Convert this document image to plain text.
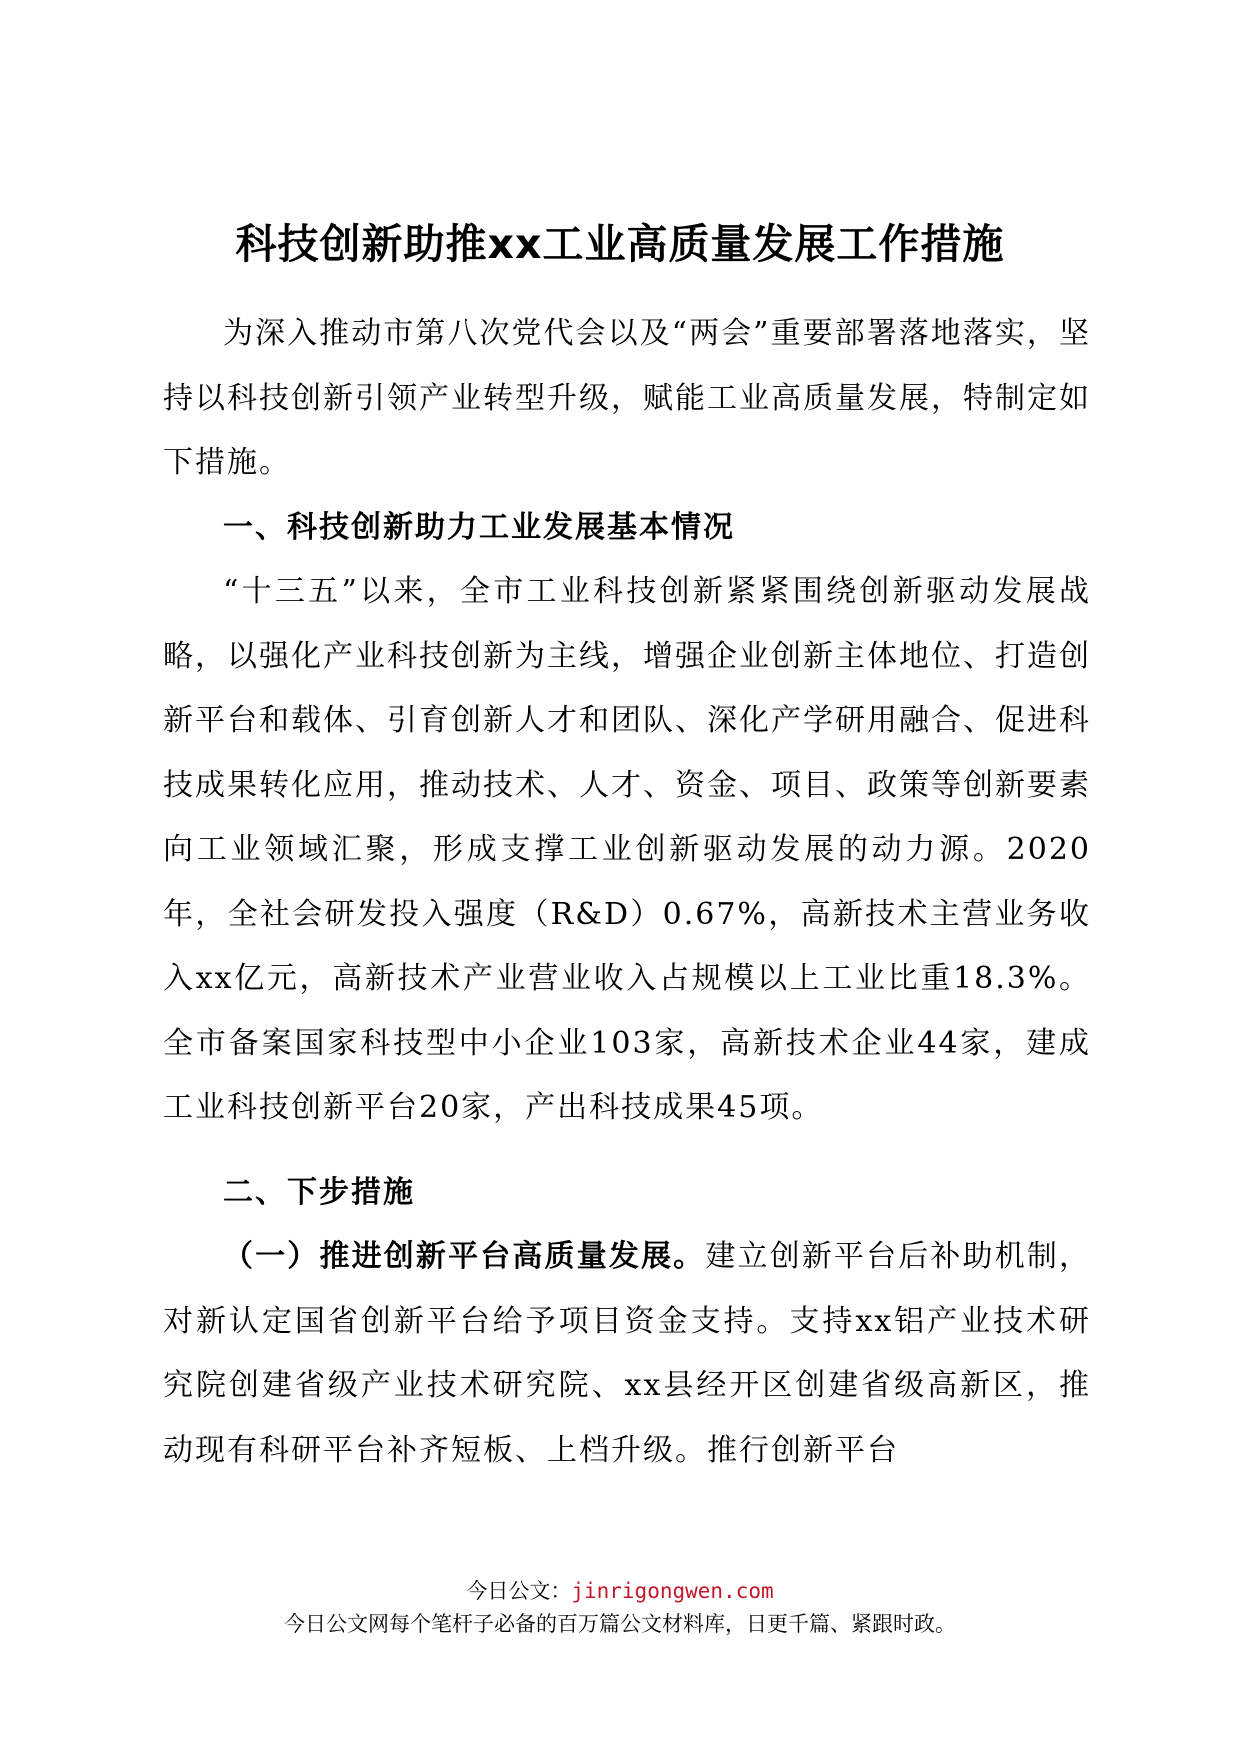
科技创新助推xx工业高质量发展工作措施

为深入推动市第八次党代会以及“两会”重要部署落地落实，坚持以科技创新引领产业转型升级，赋能工业高质量发展，特制定如下措施。

一、科技创新助力工业发展基本情况

“十三五”以来，全市工业科技创新紧紧围绕创新驱动发展战略，以强化产业科技创新为主线，增强企业创新主体地位、打造创新平台和载体、引育创新人才和团队、深化产学研用融合、促进科技成果转化应用，推动技术、人才、资金、项目、政策等创新要素向工业领域汇聚，形成支撑工业创新驱动发展的动力源。2020年，全社会研发投入强度（R&D）0.67%，高新技术主营业务收入xx亿元，高新技术产业营业收入占规模以上工业比重18.3%。全市备案国家科技型中小企业103家，高新技术企业44家，建成工业科技创新平台20家，产出科技成果45项。

二、下步措施

（一）推进创新平台高质量发展。建立创新平台后补助机制，对新认定国省创新平台给予项目资金支持。支持xx铝产业技术研究院创建省级产业技术研究院、xx县经开区创建省级高新区，推动现有科研平台补齐短板、上档升级。推行创新平台

今日公文：jinrigongwen.com
今日公文网每个笔杆子必备的百万篇公文材料库，日更千篇、紧跟时政。
